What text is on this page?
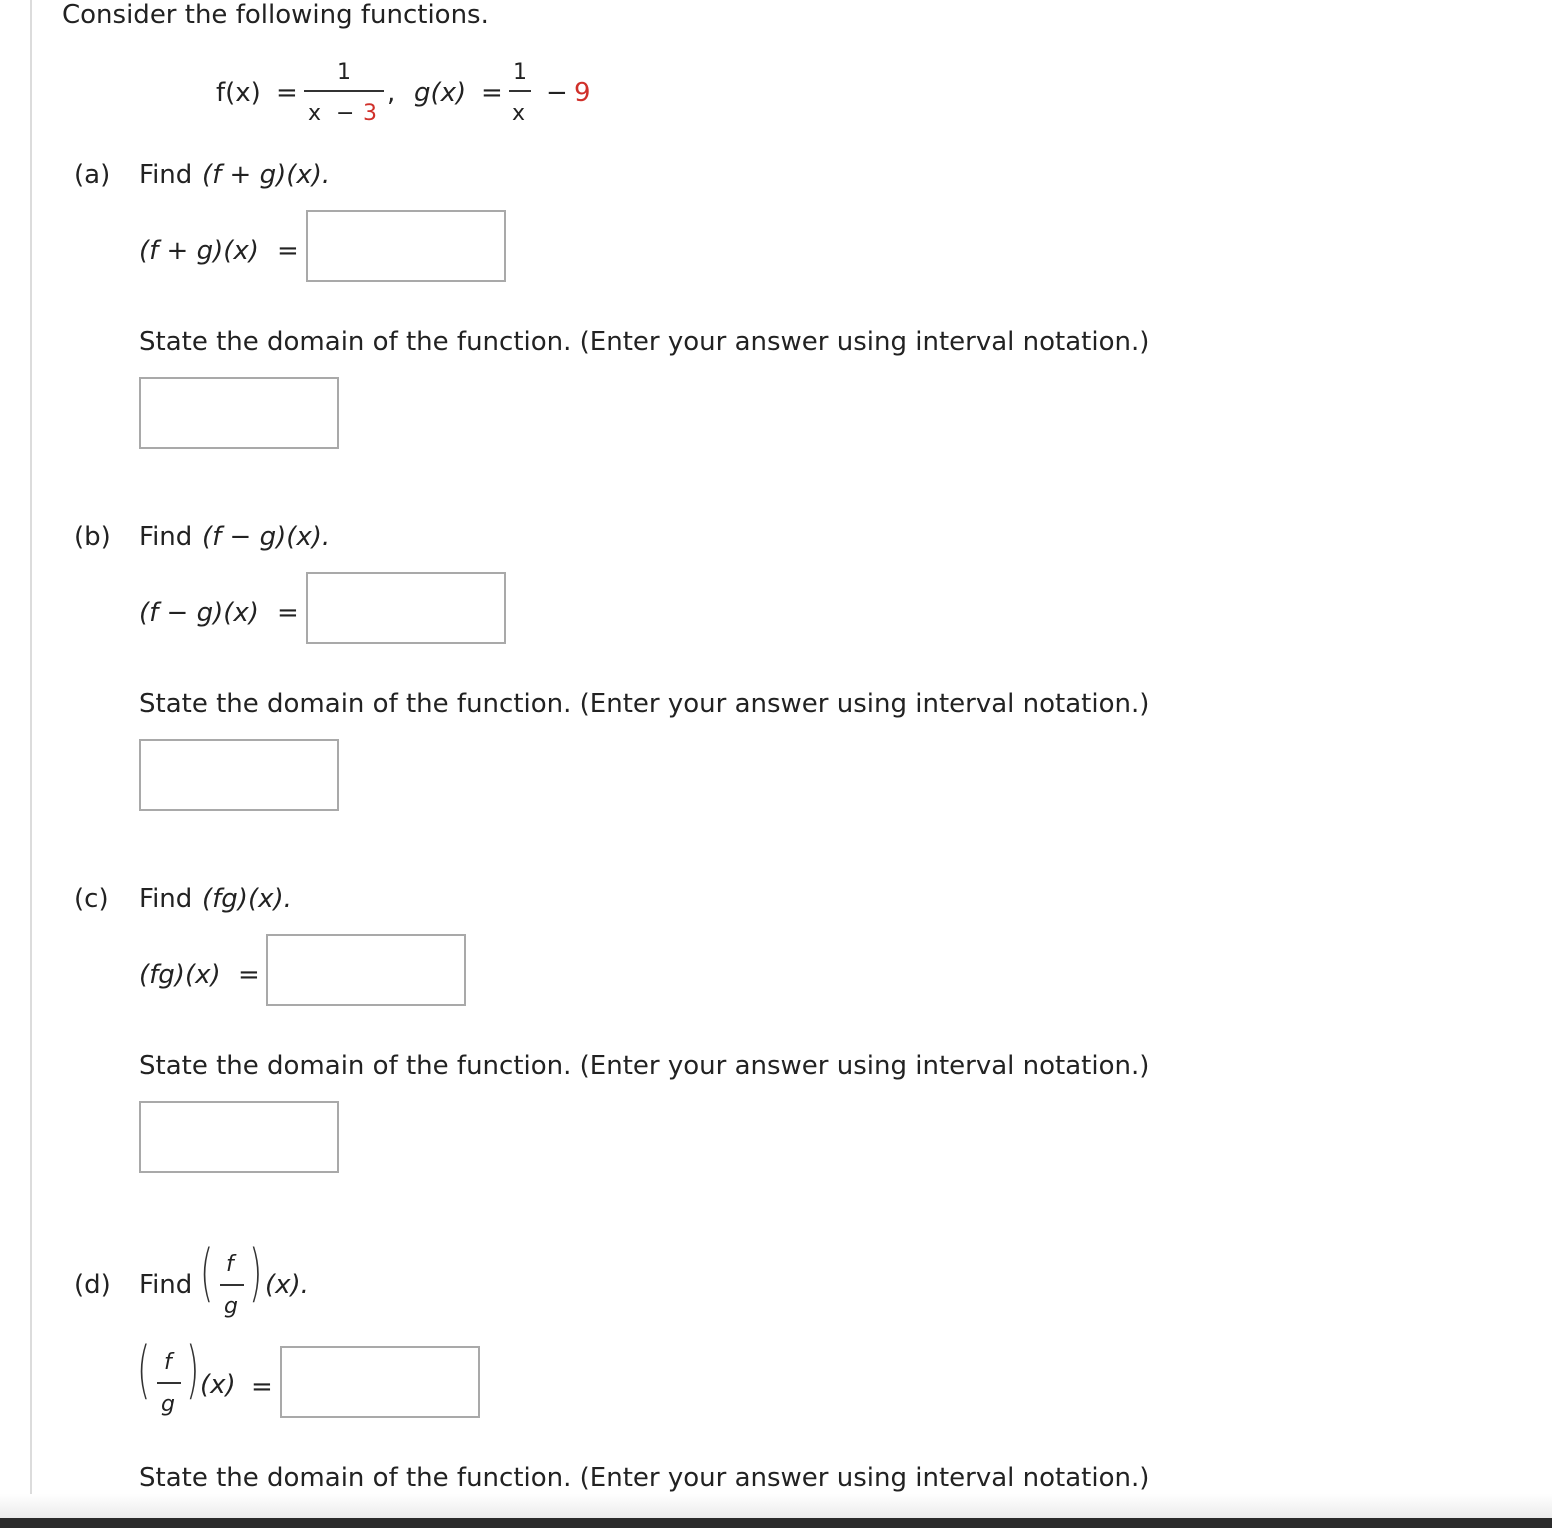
Consider the following functions.
f(x) =
1
x − 3
, g(x) =
1
x
− 9
(a) Find (f + g)(x).
(f + g)(x) =
State the domain of the function. (Enter your answer using interval notation.)
(b) Find (f − g)(x).
(f − g)(x) =
State the domain of the function. (Enter your answer using interval notation.)
(c) Find (fg)(x).
(fg)(x) =
State the domain of the function. (Enter your answer using interval notation.)
(d) Find ( f
g ) (x).
( f
g ) (x) =
State the domain of the function. (Enter your answer using interval notation.)
